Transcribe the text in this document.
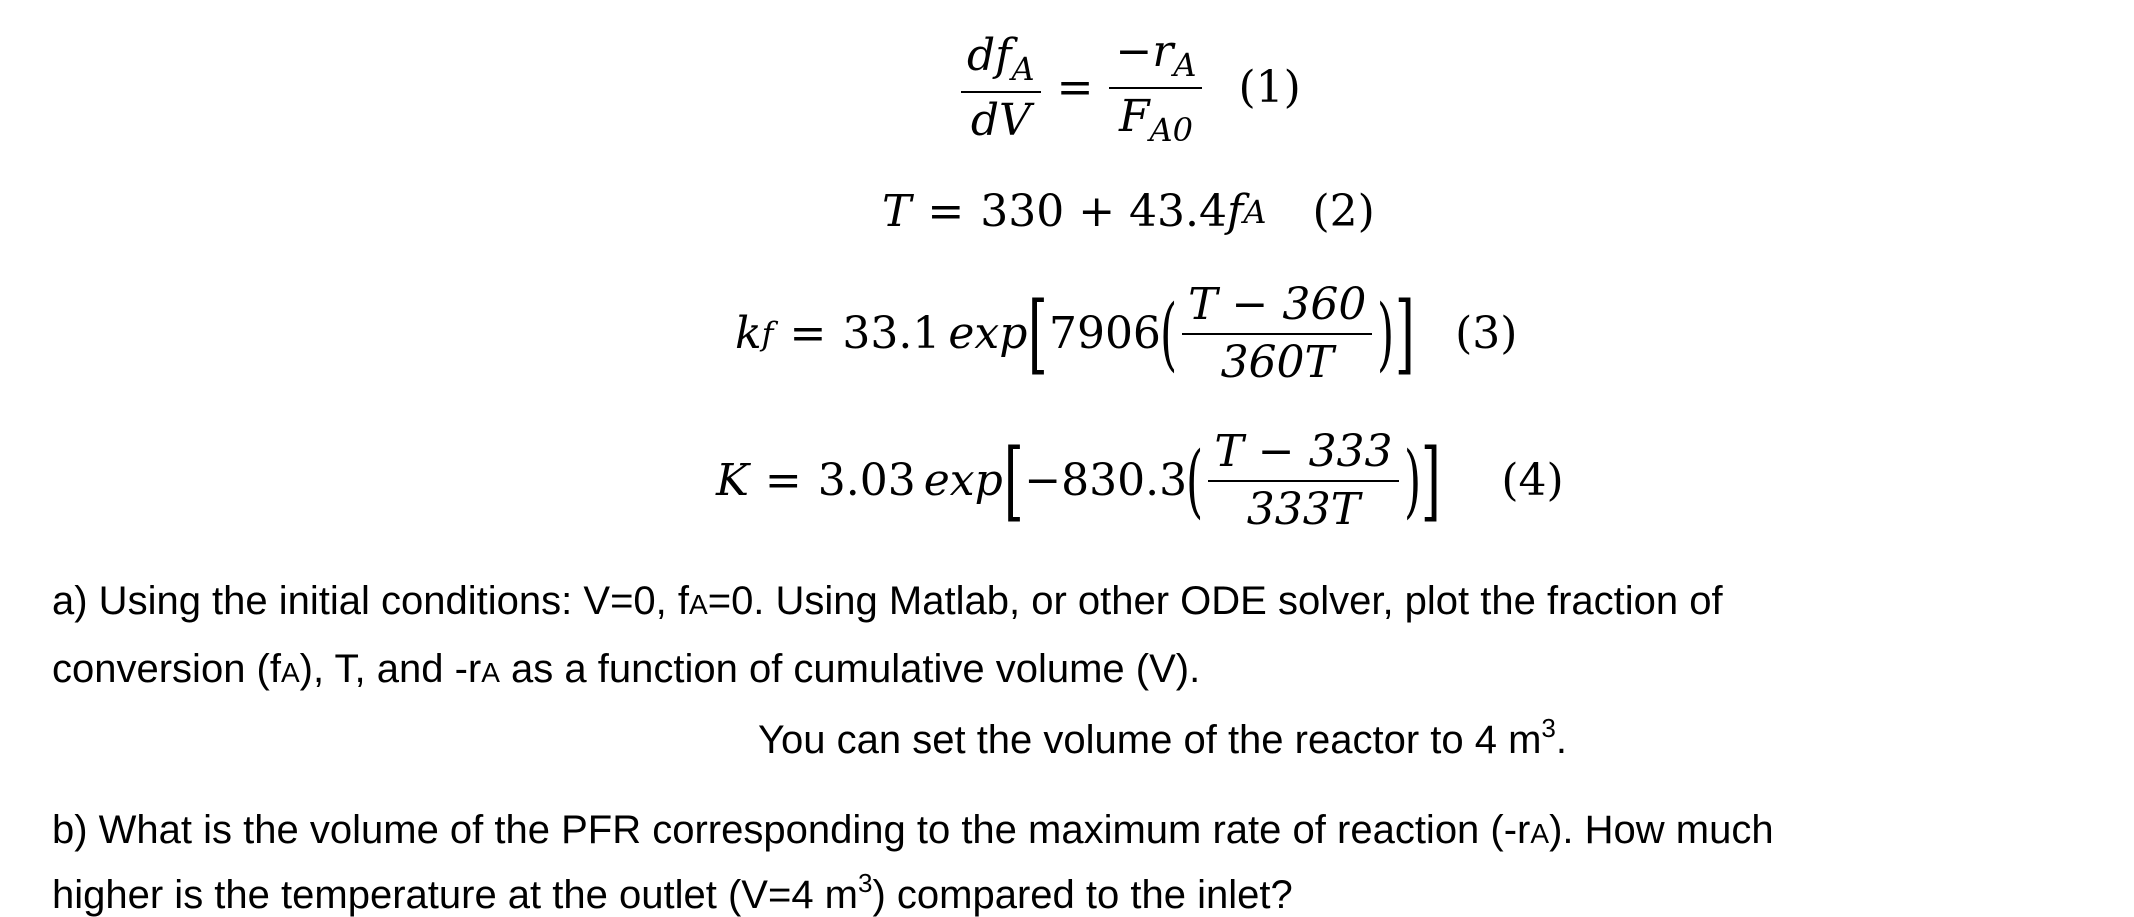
$\frac{df_A}{dV} = \frac{-r_A}{F_{A0}} (1)$
T = 330 + 43.4 f A (2)
k f = 33.1 exp [ 7906 ( $\frac{T - 360}{360T}$ ) ] (3)
K = 3.03 exp [ −830.3 ( $\frac{T - 333}{333T}$ ) ] (4)
a) Using the initial conditions: V=0, fA=0. Using Matlab, or other ODE solver, plot the fraction of
conversion (fA), T, and -rA as a function of cumulative volume (V).
You can set the volume of the reactor to 4 $m^3$.
b) What is the volume of the PFR corresponding to the maximum rate of reaction (-rA). How much
higher is the temperature at the outlet (V=4 $m^3$) compared to the inlet?
